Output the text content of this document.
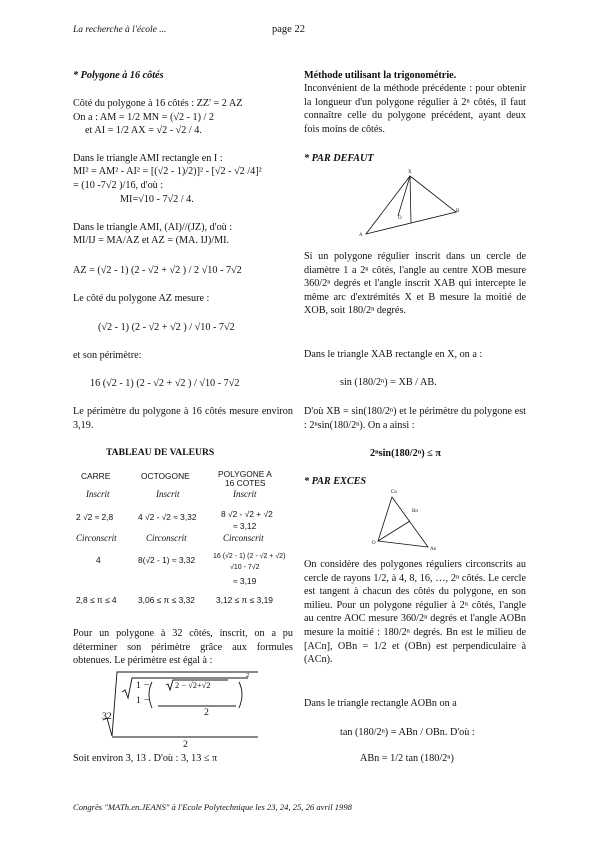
La recherche à l'école ...	page 22
* Polygone à 16 côtés
Côté du polygone à 16 côtés : ZZ' = 2 AZ
On a : AM = 1/2 MN = (√2 - 1) / 2
et AI = 1/2 AX = √2 - √2 / 4.
Dans le triangle AMI rectangle en I :
MI² = AM² - AI² = [(√2 - 1)/2)]² - [√2 - √2 /4]²
= (10 -7√2 )/16, d'où :
MI=√10 - 7√2 / 4.
Dans le triangle AMI, (AI)//(JZ), d'où :
MI/IJ = MA/AZ et AZ = (MA. IJ)/MI.
AZ = (√2 - 1) (2 - √2 + √2 ) / 2 √10 - 7√2
Le côté du polygone AZ mesure :
(√2 - 1) (2 - √2 + √2 ) / √10 - 7√2
et son périmètre:
16 (√2 - 1) (2 - √2 + √2 ) / √10 - 7√2
Le périmètre du polygone à 16 côtés mesure environ 3,19.
TABLEAU DE VALEURS
CARRE	OCTOGONE	POLYGONE A
16 COTES
Inscrit	Inscrit	Inscrit
2 √2 ≈ 2,8	4 √2 - √2 ≈ 3,32	8 √2 - √2 + √2
≈ 3,12
Circonscrit	Circonscrit	Circonscrit
4	8(√2 - 1) ≈ 3,32	16 (√2 - 1) (2 - √2 + √2)
√10 - 7√2
≈ 3,19
2,8 ≤ π ≤ 4	3,06 ≤ π ≤ 3,32	3,12 ≤ π ≤ 3,19
Pour un polygone à 32 côtés, inscrit, on a pu déterminer son périmètre grâce aux formules obtenues. Le périmètre est égal à :
32
1 −
1 −
2 − √2+√2
2
2
2
Soit environ 3, 13 . D'où : 3, 13 ≤ π
Méthode utilisant la trigonométrie.
Inconvénient de la méthode précédente : pour obtenir la longueur d'un polygone régulier à 2ⁿ côtés, il faut connaître celle du polygone précédent, ayant deux fois moins de côtés.
* PAR DEFAUT
X
A
B
O
Si un polygone régulier inscrit dans un cercle de diamètre 1 a 2ⁿ côtés, l'angle au centre XOB mesure 360/2ⁿ degrés et l'angle inscrit XAB qui intercepte le même arc d'extrémités X et B mesure la moitié de XOB, soit 180/2ⁿ degrés.
Dans le triangle XAB rectangle en X, on a :
sin (180/2ⁿ) = XB / AB.
D'où XB = sin(180/2ⁿ) et le périmètre du polygone est : 2ⁿsin(180/2ⁿ). On a ainsi :
2ⁿsin(180/2ⁿ) ≤ π
* PAR EXCES
Cn
Bn
An
O
On considère des polygones réguliers circonscrits au cercle de rayons 1/2, à 4, 8, 16, …, 2ⁿ côtés. Le cercle est tangent à chacun des côtés du polygone, en son milieu. Pour un polygone régulier à 2ⁿ côtés, l'angle au centre AOC mesure 360/2ⁿ degrés et l'angle AOBn mesure la moitié : 180/2ⁿ degrés. Bn est le milieu de [ACn], OBn = 1/2 et (OBn) est perpendiculaire à (ACn).
Dans le triangle rectangle AOBn on a
tan (180/2ⁿ) = ABn / OBn. D'où :
ABn = 1/2 tan (180/2ⁿ)
Congrès "MATh.en.JEANS" à l'Ecole Polytechnique les 23, 24, 25, 26 avril 1998
